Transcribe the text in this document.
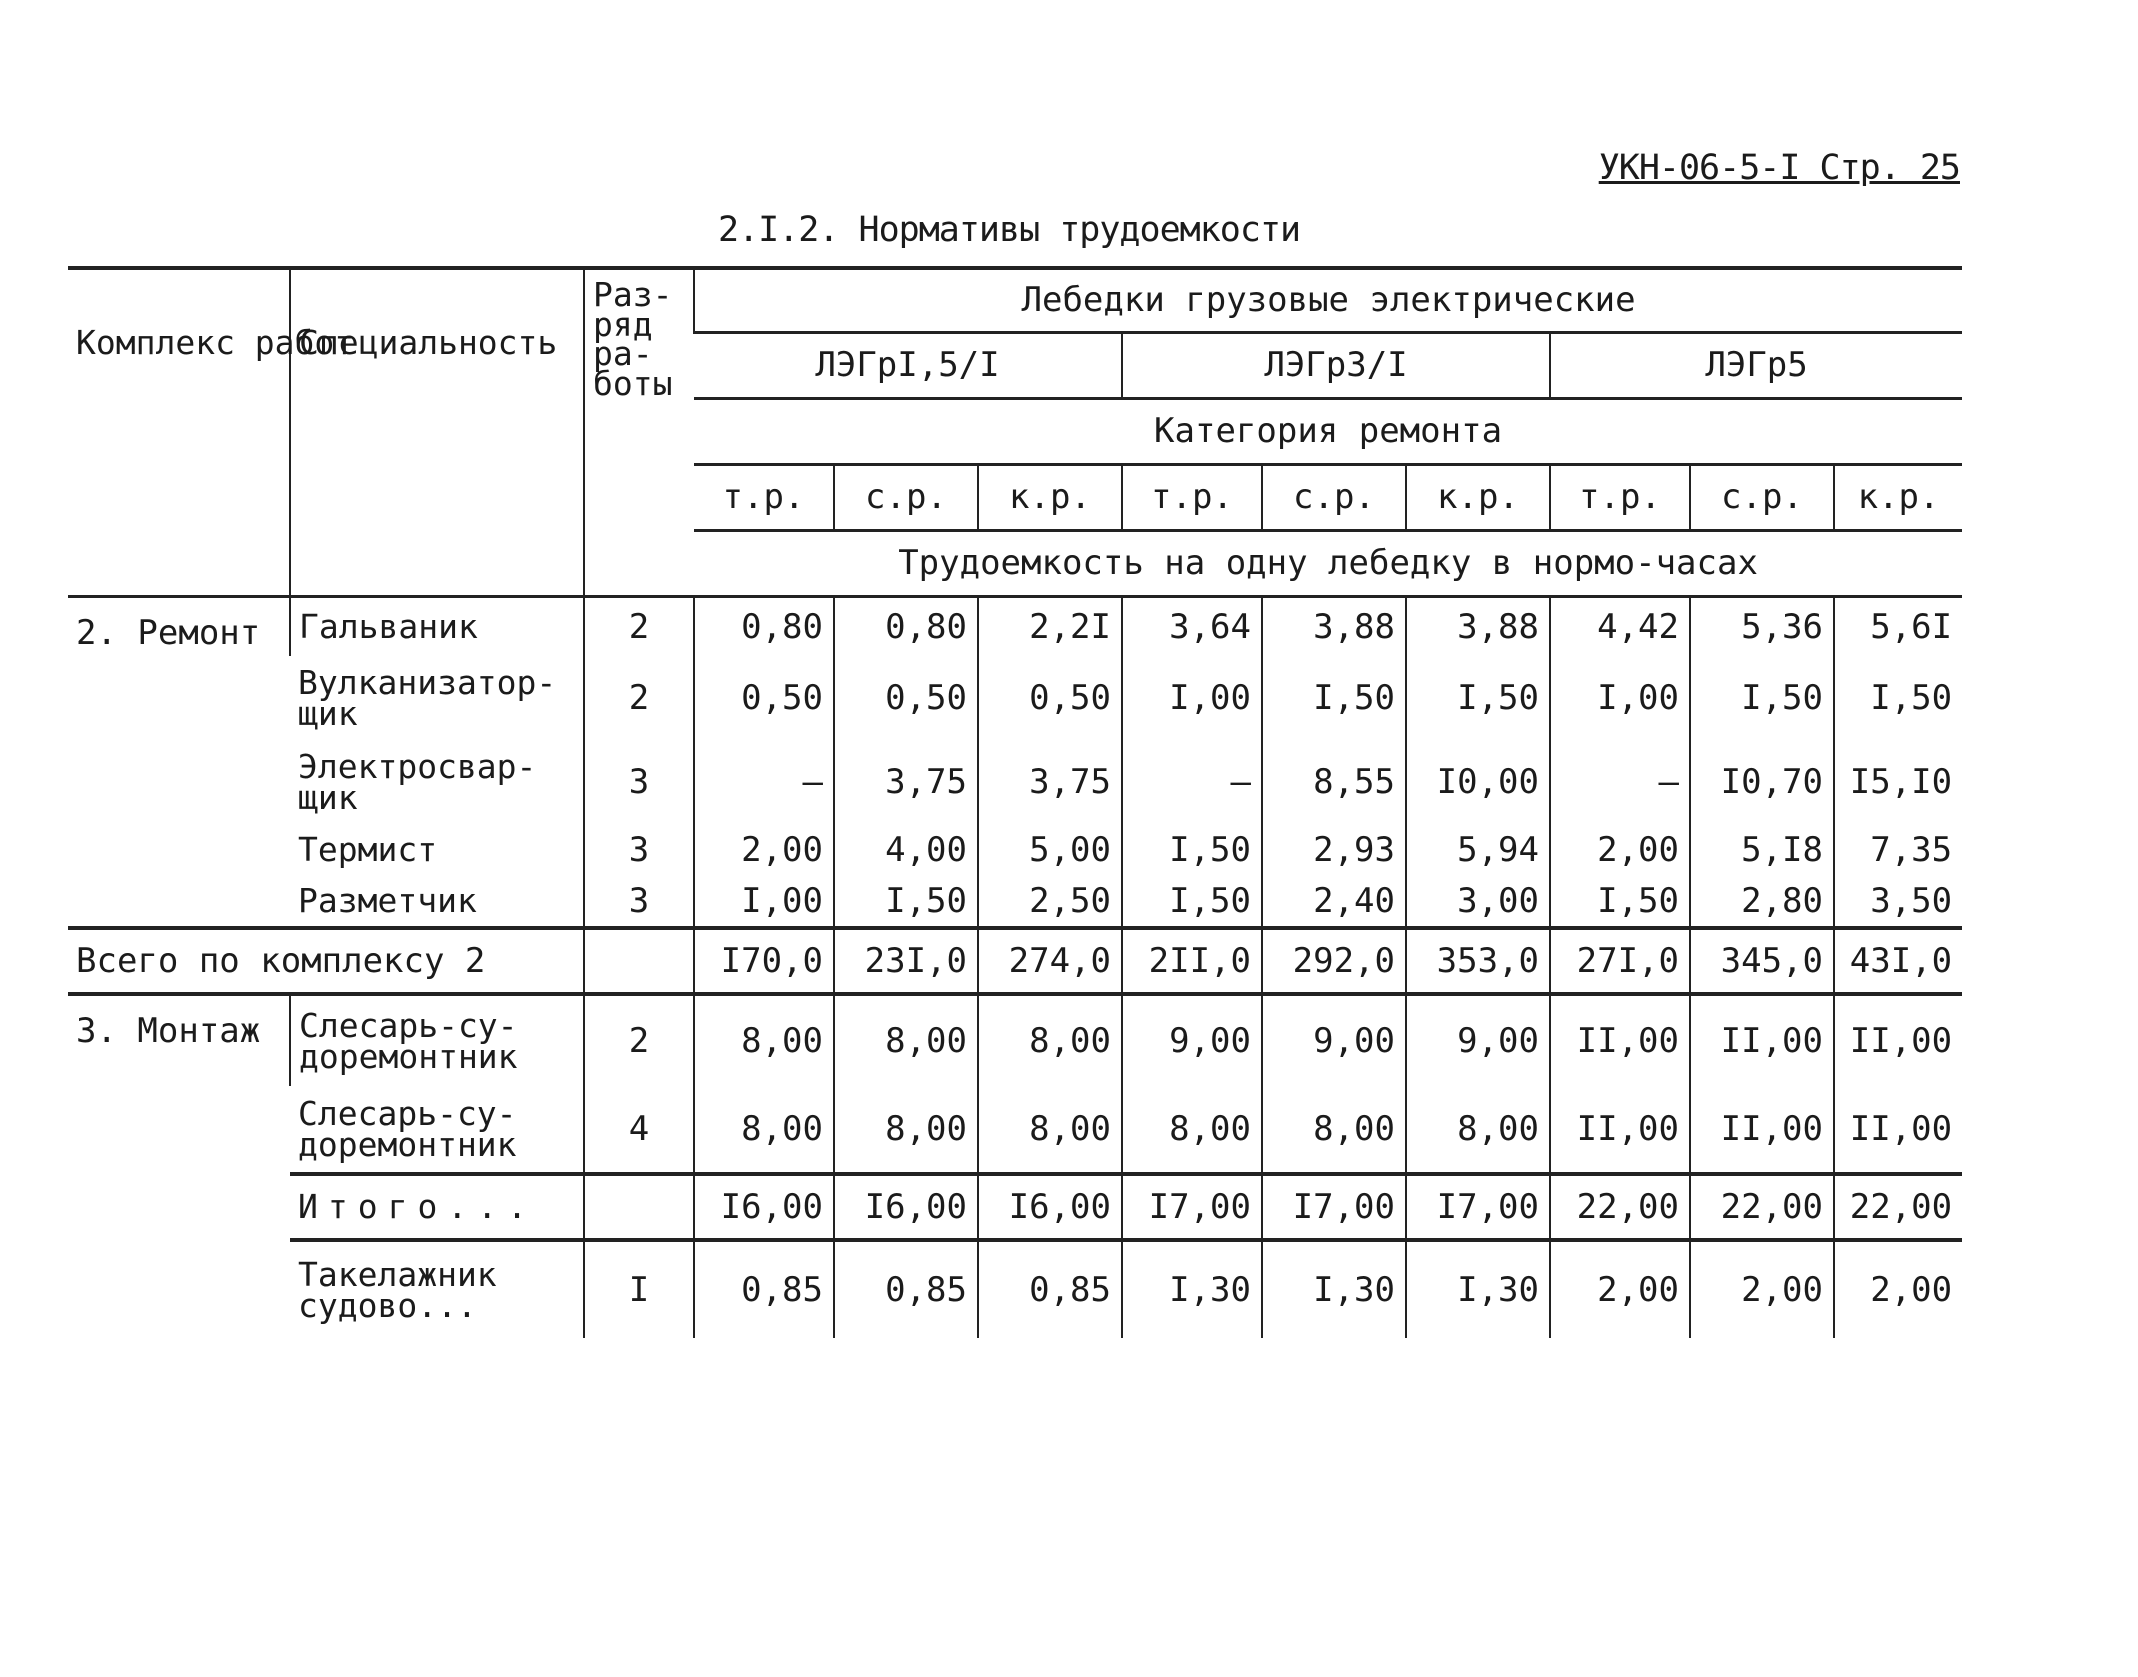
УКН-06-5-I Стр. 25
2.I.2. Нормативы трудоемкости
Комплекс работ	Специальность	Раз-ряд ра-боты	Лебедки грузовые электрические								
			ЛЭГрI,5/I			ЛЭГр3/I			ЛЭГр5		
			Категория ремонта								
			т.р.	с.р.	к.р.	т.р.	с.р.	к.р.	т.р.	с.р.	к.р.
			Трудоемкость на одну лебедку в нормо-часах								
2. Ремонт	Гальваник	2	0,80	0,80	2,2I	3,64	3,88	3,88	4,42	5,36	5,6I
	Вулканизатор-щик	2	0,50	0,50	0,50	I,00	I,50	I,50	I,00	I,50	I,50
	Электросвар-щик	3	–	3,75	3,75	–	8,55	I0,00	–	I0,70	I5,I0
	Термист	3	2,00	4,00	5,00	I,50	2,93	5,94	2,00	5,I8	7,35
	Разметчик	3	I,00	I,50	2,50	I,50	2,40	3,00	I,50	2,80	3,50
Всего по комплексу 2			I70,0	23I,0	274,0	2II,0	292,0	353,0	27I,0	345,0	43I,0
3. Монтаж	Слесарь-су-доремонтник	2	8,00	8,00	8,00	9,00	9,00	9,00	II,00	II,00	II,00
	Слесарь-су-доремонтник	4	8,00	8,00	8,00	8,00	8,00	8,00	II,00	II,00	II,00
	Итого...		I6,00	I6,00	I6,00	I7,00	I7,00	I7,00	22,00	22,00	22,00
	Такелажник судово...	I	0,85	0,85	0,85	I,30	I,30	I,30	2,00	2,00	2,00
